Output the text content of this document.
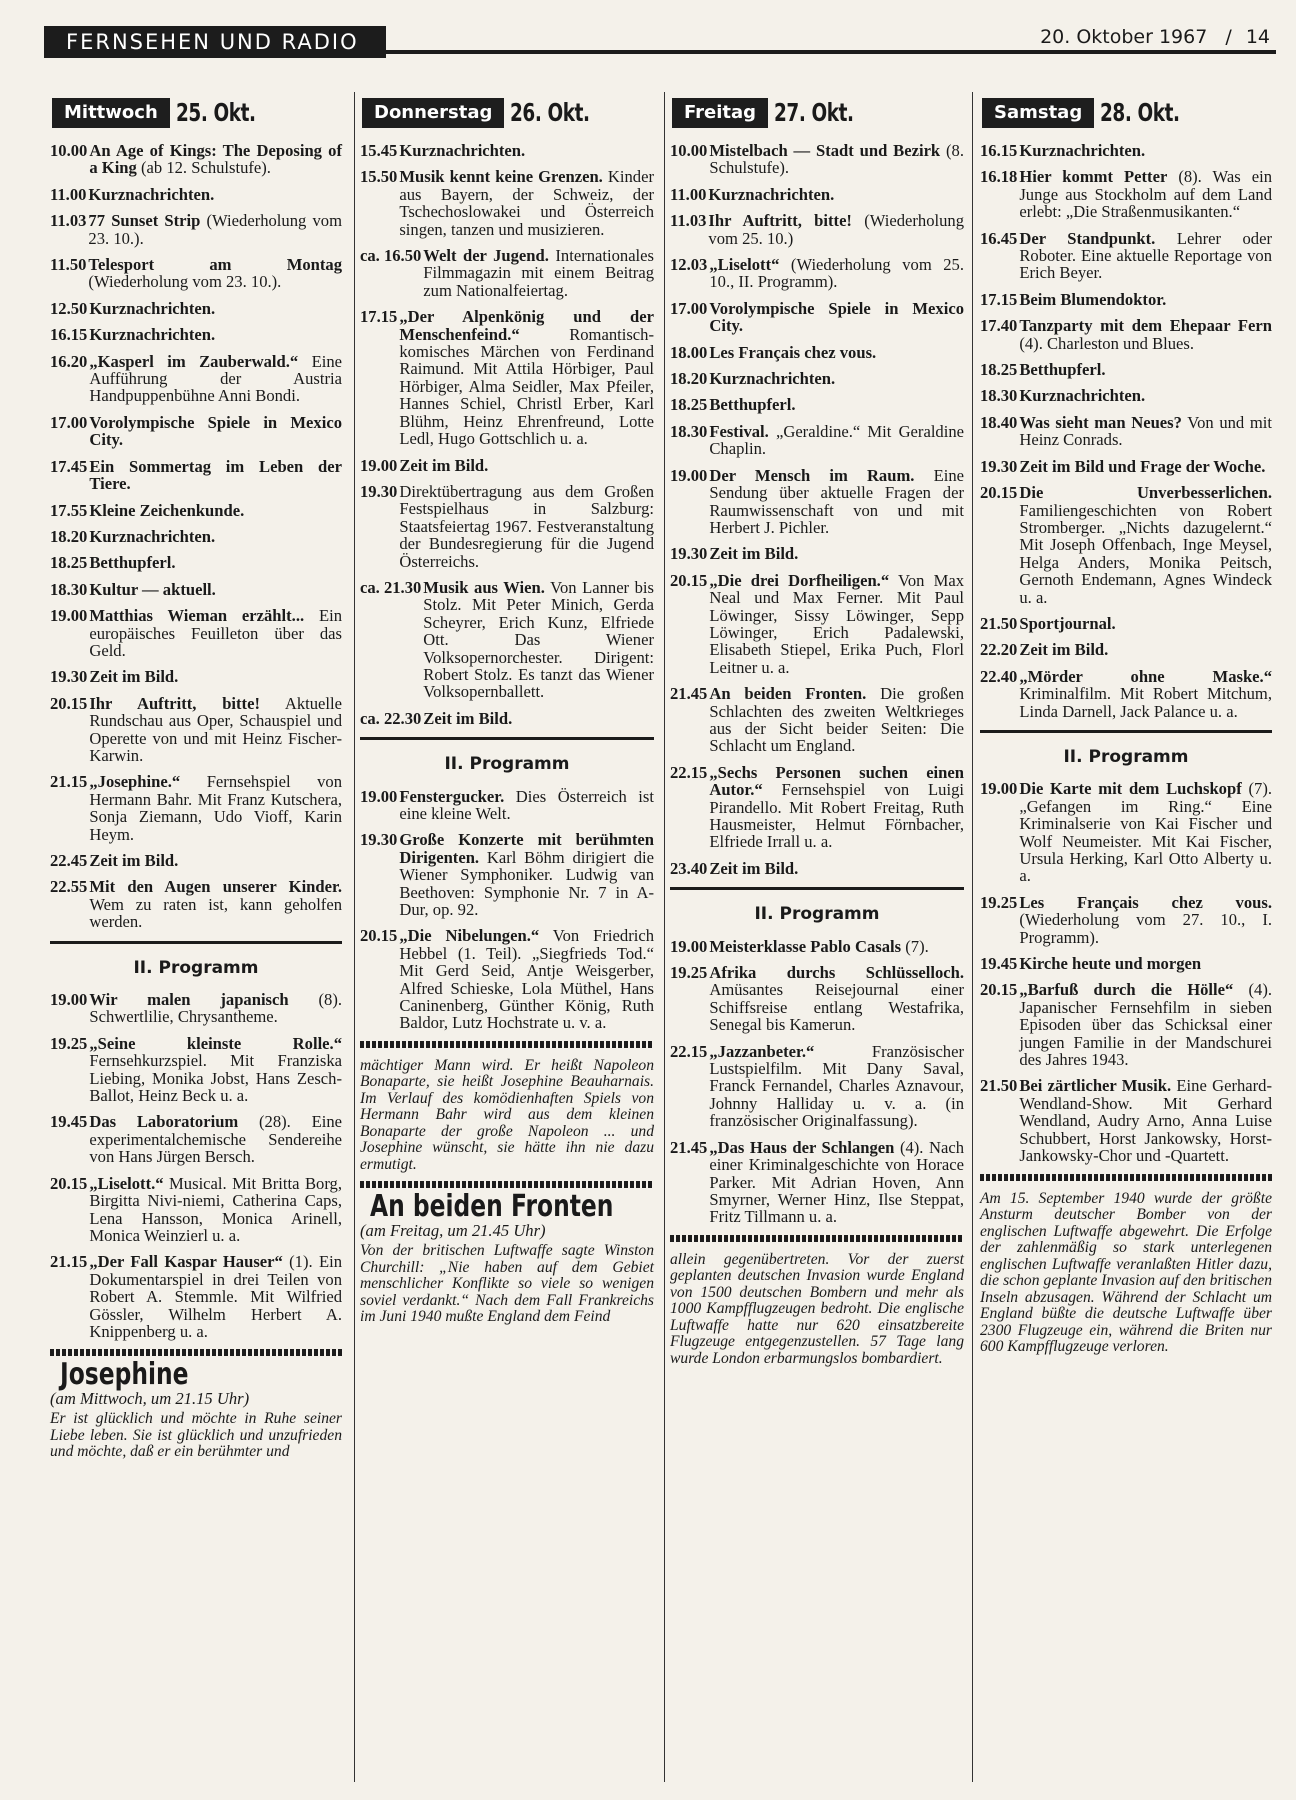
FERNSEHEN UND RADIO	20. Oktober 1967 / 14
Mittwoch 25. Okt.
10.00 An Age of Kings: The Deposing of a King (ab 12. Schulstufe).
11.00 Kurznachrichten.
11.03 77 Sunset Strip (Wiederholung vom 23. 10.).
11.50 Telesport am Montag (Wiederholung vom 23. 10.).
12.50 Kurznachrichten.
16.15 Kurznachrichten.
16.20 „Kasperl im Zauberwald.“ Eine Aufführung der Austria Handpuppenbühne Anni Bondi.
17.00 Vorolympische Spiele in Mexico City.
17.45 Ein Sommertag im Leben der Tiere.
17.55 Kleine Zeichenkunde.
18.20 Kurznachrichten.
18.25 Betthupferl.
18.30 Kultur — aktuell.
19.00 Matthias Wieman erzählt... Ein europäisches Feuilleton über das Geld.
19.30 Zeit im Bild.
20.15 Ihr Auftritt, bitte! Aktuelle Rundschau aus Oper, Schauspiel und Operette von und mit Heinz Fischer-Karwin.
21.15 „Josephine.“ Fernsehspiel von Hermann Bahr. Mit Franz Kutschera, Sonja Ziemann, Udo Vioff, Karin Heym.
22.45 Zeit im Bild.
22.55 Mit den Augen unserer Kinder. Wem zu raten ist, kann geholfen werden.
II. Programm
19.00 Wir malen japanisch (8). Schwertlilie, Chrysantheme.
19.25 „Seine kleinste Rolle.“ Fernsehkurzspiel. Mit Franziska Liebing, Monika Jobst, Hans Zesch-Ballot, Heinz Beck u. a.
19.45 Das Laboratorium (28). Eine experimentalchemische Sendereihe von Hans Jürgen Bersch.
20.15 „Liselott.“ Musical. Mit Britta Borg, Birgitta Nivi-niemi, Catherina Caps, Lena Hansson, Monica Arinell, Monica Weinzierl u. a.
21.15 „Der Fall Kaspar Hauser“ (1). Ein Dokumentarspiel in drei Teilen von Robert A. Stemmle. Mit Wilfried Gössler, Wilhelm Herbert A. Knippenberg u. a.
Josephine
(am Mittwoch, um 21.15 Uhr)
Er ist glücklich und möchte in Ruhe seiner Liebe leben. Sie ist glücklich und unzufrieden und möchte, daß er ein berühmter und
Donnerstag 26. Okt.
15.45 Kurznachrichten.
15.50 Musik kennt keine Grenzen. Kinder aus Bayern, der Schweiz, der Tschechoslowakei und Österreich singen, tanzen und musizieren.
ca. 16.50 Welt der Jugend. Internationales Filmmagazin mit einem Beitrag zum Nationalfeiertag.
17.15 „Der Alpenkönig und der Menschenfeind.“ Romantisch-komisches Märchen von Ferdinand Raimund. Mit Attila Hörbiger, Paul Hörbiger, Alma Seidler, Max Pfeiler, Hannes Schiel, Christl Erber, Karl Blühm, Heinz Ehrenfreund, Lotte Ledl, Hugo Gottschlich u. a.
19.00 Zeit im Bild.
19.30 Direktübertragung aus dem Großen Festspielhaus in Salzburg: Staatsfeiertag 1967. Festveranstaltung der Bundesregierung für die Jugend Österreichs.
ca. 21.30 Musik aus Wien. Von Lanner bis Stolz. Mit Peter Minich, Gerda Scheyrer, Erich Kunz, Elfriede Ott. Das Wiener Volksopernorchester. Dirigent: Robert Stolz. Es tanzt das Wiener Volksopernballett.
ca. 22.30 Zeit im Bild.
II. Programm
19.00 Fenstergucker. Dies Österreich ist eine kleine Welt.
19.30 Große Konzerte mit berühmten Dirigenten. Karl Böhm dirigiert die Wiener Symphoniker. Ludwig van Beethoven: Symphonie Nr. 7 in A-Dur, op. 92.
20.15 „Die Nibelungen.“ Von Friedrich Hebbel (1. Teil). „Siegfrieds Tod.“ Mit Gerd Seid, Antje Weisgerber, Alfred Schieske, Lola Müthel, Hans Caninenberg, Günther König, Ruth Baldor, Lutz Hochstrate u. v. a.
mächtiger Mann wird. Er heißt Napoleon Bonaparte, sie heißt Josephine Beauharnais. Im Verlauf des komödienhaften Spiels von Hermann Bahr wird aus dem kleinen Bonaparte der große Napoleon ... und Josephine wünscht, sie hätte ihn nie dazu ermutigt.
An beiden Fronten
(am Freitag, um 21.45 Uhr)
Von der britischen Luftwaffe sagte Winston Churchill: „Nie haben auf dem Gebiet menschlicher Konflikte so viele so wenigen soviel verdankt.“ Nach dem Fall Frankreichs im Juni 1940 mußte England dem Feind
Freitag 27. Okt.
10.00 Mistelbach — Stadt und Bezirk (8. Schulstufe).
11.00 Kurznachrichten.
11.03 Ihr Auftritt, bitte! (Wiederholung vom 25. 10.)
12.03 „Liselott“ (Wiederholung vom 25. 10., II. Programm).
17.00 Vorolympische Spiele in Mexico City.
18.00 Les Français chez vous.
18.20 Kurznachrichten.
18.25 Betthupferl.
18.30 Festival. „Geraldine.“ Mit Geraldine Chaplin.
19.00 Der Mensch im Raum. Eine Sendung über aktuelle Fragen der Raumwissenschaft von und mit Herbert J. Pichler.
19.30 Zeit im Bild.
20.15 „Die drei Dorfheiligen.“ Von Max Neal und Max Ferner. Mit Paul Löwinger, Sissy Löwinger, Sepp Löwinger, Erich Padalewski, Elisabeth Stiepel, Erika Puch, Florl Leitner u. a.
21.45 An beiden Fronten. Die großen Schlachten des zweiten Weltkrieges aus der Sicht beider Seiten: Die Schlacht um England.
22.15 „Sechs Personen suchen einen Autor.“ Fernsehspiel von Luigi Pirandello. Mit Robert Freitag, Ruth Hausmeister, Helmut Förnbacher, Elfriede Irrall u. a.
23.40 Zeit im Bild.
II. Programm
19.00 Meisterklasse Pablo Casals (7).
19.25 Afrika durchs Schlüsselloch. Amüsantes Reisejournal einer Schiffsreise entlang Westafrika, Senegal bis Kamerun.
22.15 „Jazzanbeter.“ Französischer Lustspielfilm. Mit Dany Saval, Franck Fernandel, Charles Aznavour, Johnny Halliday u. v. a. (in französischer Originalfassung).
21.45 „Das Haus der Schlangen (4). Nach einer Kriminalgeschichte von Horace Parker. Mit Adrian Hoven, Ann Smyrner, Werner Hinz, Ilse Steppat, Fritz Tillmann u. a.
allein gegenübertreten. Vor der zuerst geplanten deutschen Invasion wurde England von 1500 deutschen Bombern und mehr als 1000 Kampfflugzeugen bedroht. Die englische Luftwaffe hatte nur 620 einsatzbereite Flugzeuge entgegenzustellen. 57 Tage lang wurde London erbarmungslos bombardiert.
Samstag 28. Okt.
16.15 Kurznachrichten.
16.18 Hier kommt Petter (8). Was ein Junge aus Stockholm auf dem Land erlebt: „Die Straßenmusikanten.“
16.45 Der Standpunkt. Lehrer oder Roboter. Eine aktuelle Reportage von Erich Beyer.
17.15 Beim Blumendoktor.
17.40 Tanzparty mit dem Ehepaar Fern (4). Charleston und Blues.
18.25 Betthupferl.
18.30 Kurznachrichten.
18.40 Was sieht man Neues? Von und mit Heinz Conrads.
19.30 Zeit im Bild und Frage der Woche.
20.15 Die Unverbesserlichen. Familiengeschichten von Robert Stromberger. „Nichts dazugelernt.“ Mit Joseph Offenbach, Inge Meysel, Helga Anders, Monika Peitsch, Gernoth Endemann, Agnes Windeck u. a.
21.50 Sportjournal.
22.20 Zeit im Bild.
22.40 „Mörder ohne Maske.“ Kriminalfilm. Mit Robert Mitchum, Linda Darnell, Jack Palance u. a.
II. Programm
19.00 Die Karte mit dem Luchskopf (7). „Gefangen im Ring.“ Eine Kriminalserie von Kai Fischer und Wolf Neumeister. Mit Kai Fischer, Ursula Herking, Karl Otto Alberty u. a.
19.25 Les Français chez vous. (Wiederholung vom 27. 10., I. Programm).
19.45 Kirche heute und morgen
20.15 „Barfuß durch die Hölle“ (4). Japanischer Fernsehfilm in sieben Episoden über das Schicksal einer jungen Familie in der Mandschurei des Jahres 1943.
21.50 Bei zärtlicher Musik. Eine Gerhard-Wendland-Show. Mit Gerhard Wendland, Audry Arno, Anna Luise Schubbert, Horst Jankowsky, Horst-Jankowsky-Chor und -Quartett.
Am 15. September 1940 wurde der größte Ansturm deutscher Bomber von der englischen Luftwaffe abgewehrt. Die Erfolge der zahlenmäßig so stark unterlegenen englischen Luftwaffe veranlaßten Hitler dazu, die schon geplante Invasion auf den britischen Inseln abzusagen. Während der Schlacht um England büßte die deutsche Luftwaffe über 2300 Flugzeuge ein, während die Briten nur 600 Kampfflugzeuge verloren.
